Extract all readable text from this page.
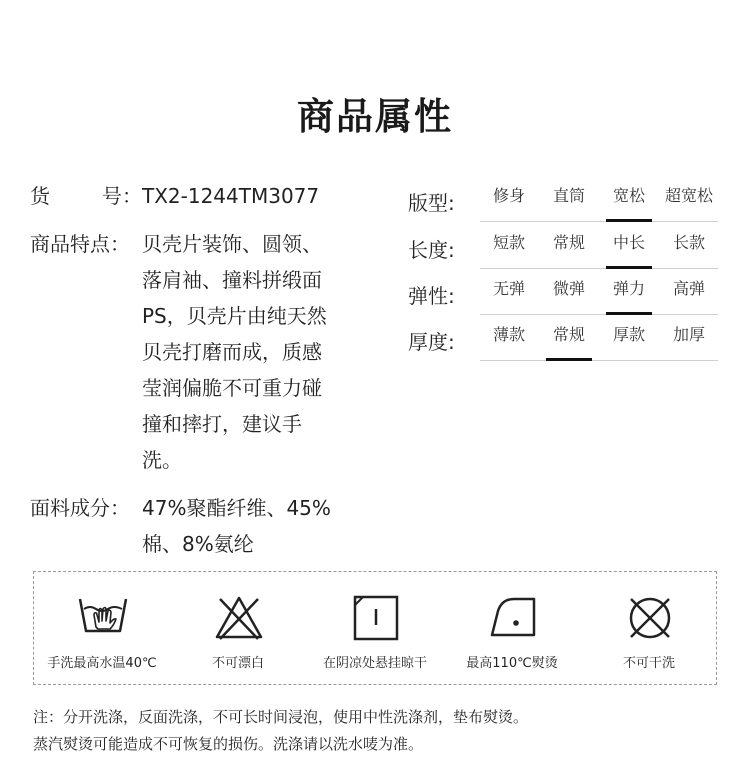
商品属性
货	号： TX2-1244TM3077
商品特点： 贝壳片装饰、圆领、
落肩袖、撞料拼缎面
PS，贝壳片由纯天然
贝壳打磨而成，质感
莹润偏脆不可重力碰
撞和摔打，建议手
洗。
面料成分： 47%聚酯纤维、45%
棉、8%氨纶
版型:	修身	直筒	宽松	超宽松
长度:	短款	常规	中长	长款
弹性:	无弹	微弹	弹力	高弹
厚度:	薄款	常规	厚款	加厚
手洗最高水温40℃	不可漂白	在阴凉处悬挂晾干	最高110℃熨烫	不可干洗
注：分开洗涤，反面洗涤，不可长时间浸泡，使用中性洗涤剂，垫布熨烫。
蒸汽熨烫可能造成不可恢复的损伤。洗涤请以洗水唛为准。
